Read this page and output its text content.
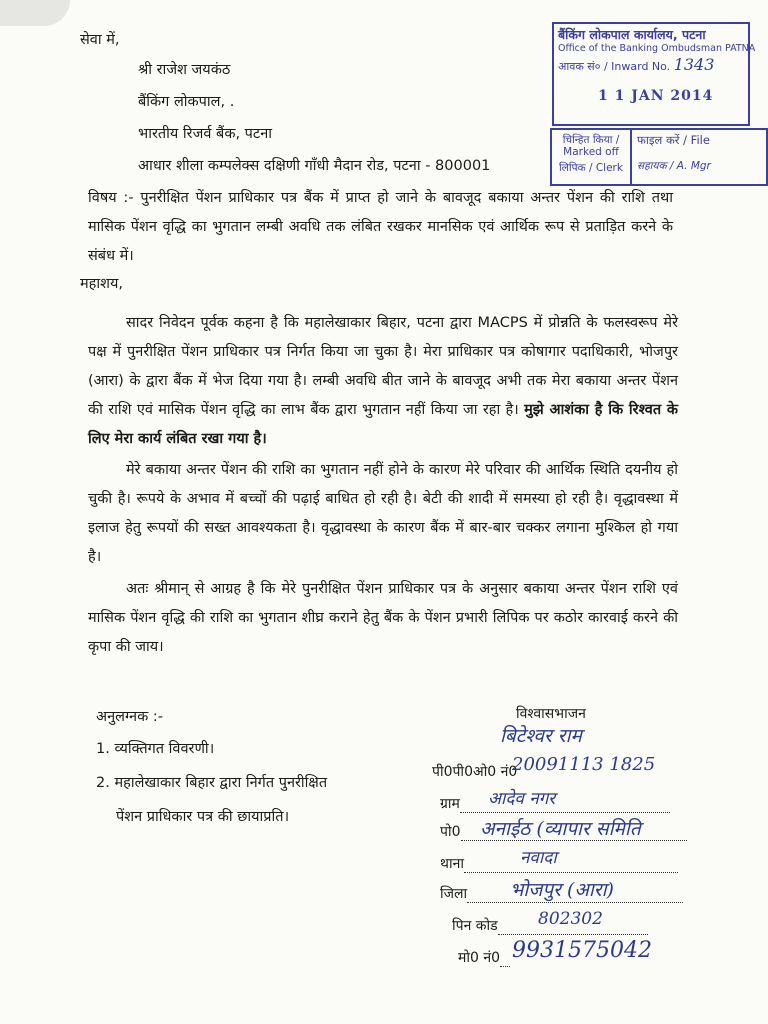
सेवा में,
श्री राजेश जयकंठ
बैंकिंग लोकपाल, .
भारतीय रिजर्व बैंक, पटना
आधार शीला कम्पलेक्स दक्षिणी गाँधी मैदान रोड, पटना - 800001
बैंकिंग लोकपाल कार्यालय, पटना
Office of the Banking Ombudsman PATNA
आवक सं० / Inward No. 1343
1 1 JAN 2014
चिन्हित किया / Marked off
लिपिक / Clerk
फाइल करें / File
सहायक / A. Mgr
विषय :- पुनरीक्षित पेंशन प्राधिकार पत्र बैंक में प्राप्त हो जाने के बावजूद बकाया अन्तर पेंशन की राशि तथा मासिक पेंशन वृद्धि का भुगतान लम्बी अवधि तक लंबित रखकर मानसिक एवं आर्थिक रूप से प्रताड़ित करने के संबंध में।
महाशय,
सादर निवेदन पूर्वक कहना है कि महालेखाकार बिहार, पटना द्वारा MACPS में प्रोन्नति के फलस्वरूप मेरे पक्ष में पुनरीक्षित पेंशन प्राधिकार पत्र निर्गत किया जा चुका है। मेरा प्राधिकार पत्र कोषागार पदाधिकारी, भोजपुर (आरा) के द्वारा बैंक में भेज दिया गया है। लम्बी अवधि बीत जाने के बावजूद अभी तक मेरा बकाया अन्तर पेंशन की राशि एवं मासिक पेंशन वृद्धि का लाभ बैंक द्वारा भुगतान नहीं किया जा रहा है। मुझे आशंका है कि रिश्वत के लिए मेरा कार्य लंबित रखा गया है।
मेरे बकाया अन्तर पेंशन की राशि का भुगतान नहीं होने के कारण मेरे परिवार की आर्थिक स्थिति दयनीय हो चुकी है। रूपये के अभाव में बच्चों की पढ़ाई बाधित हो रही है। बेटी की शादी में समस्या हो रही है। वृद्धावस्था में इलाज हेतु रूपयों की सख्त आवश्यकता है। वृद्धावस्था के कारण बैंक में बार-बार चक्कर लगाना मुश्किल हो गया है।
अतः श्रीमान् से आग्रह है कि मेरे पुनरीक्षित पेंशन प्राधिकार पत्र के अनुसार बकाया अन्तर पेंशन राशि एवं मासिक पेंशन वृद्धि की राशि का भुगतान शीघ्र कराने हेतु बैंक के पेंशन प्रभारी लिपिक पर कठोर कारवाई करने की कृपा की जाय।
अनुलग्नक :-
1. व्यक्तिगत विवरणी।
2. महालेखाकार बिहार द्वारा निर्गत पुनरीक्षित
पेंशन प्राधिकार पत्र की छायाप्रति।
विश्वासभाजन
बिटेश्वर राम
पी0पी0ओ0 नं0
20091113 1825
ग्राम	आदेव नगर
पो0	अनाईठ (व्यापार समिति
थाना	नवादा
जिला	भोजपुर (आरा)
पिन कोड	802302
मो0 नं0 9931575042
